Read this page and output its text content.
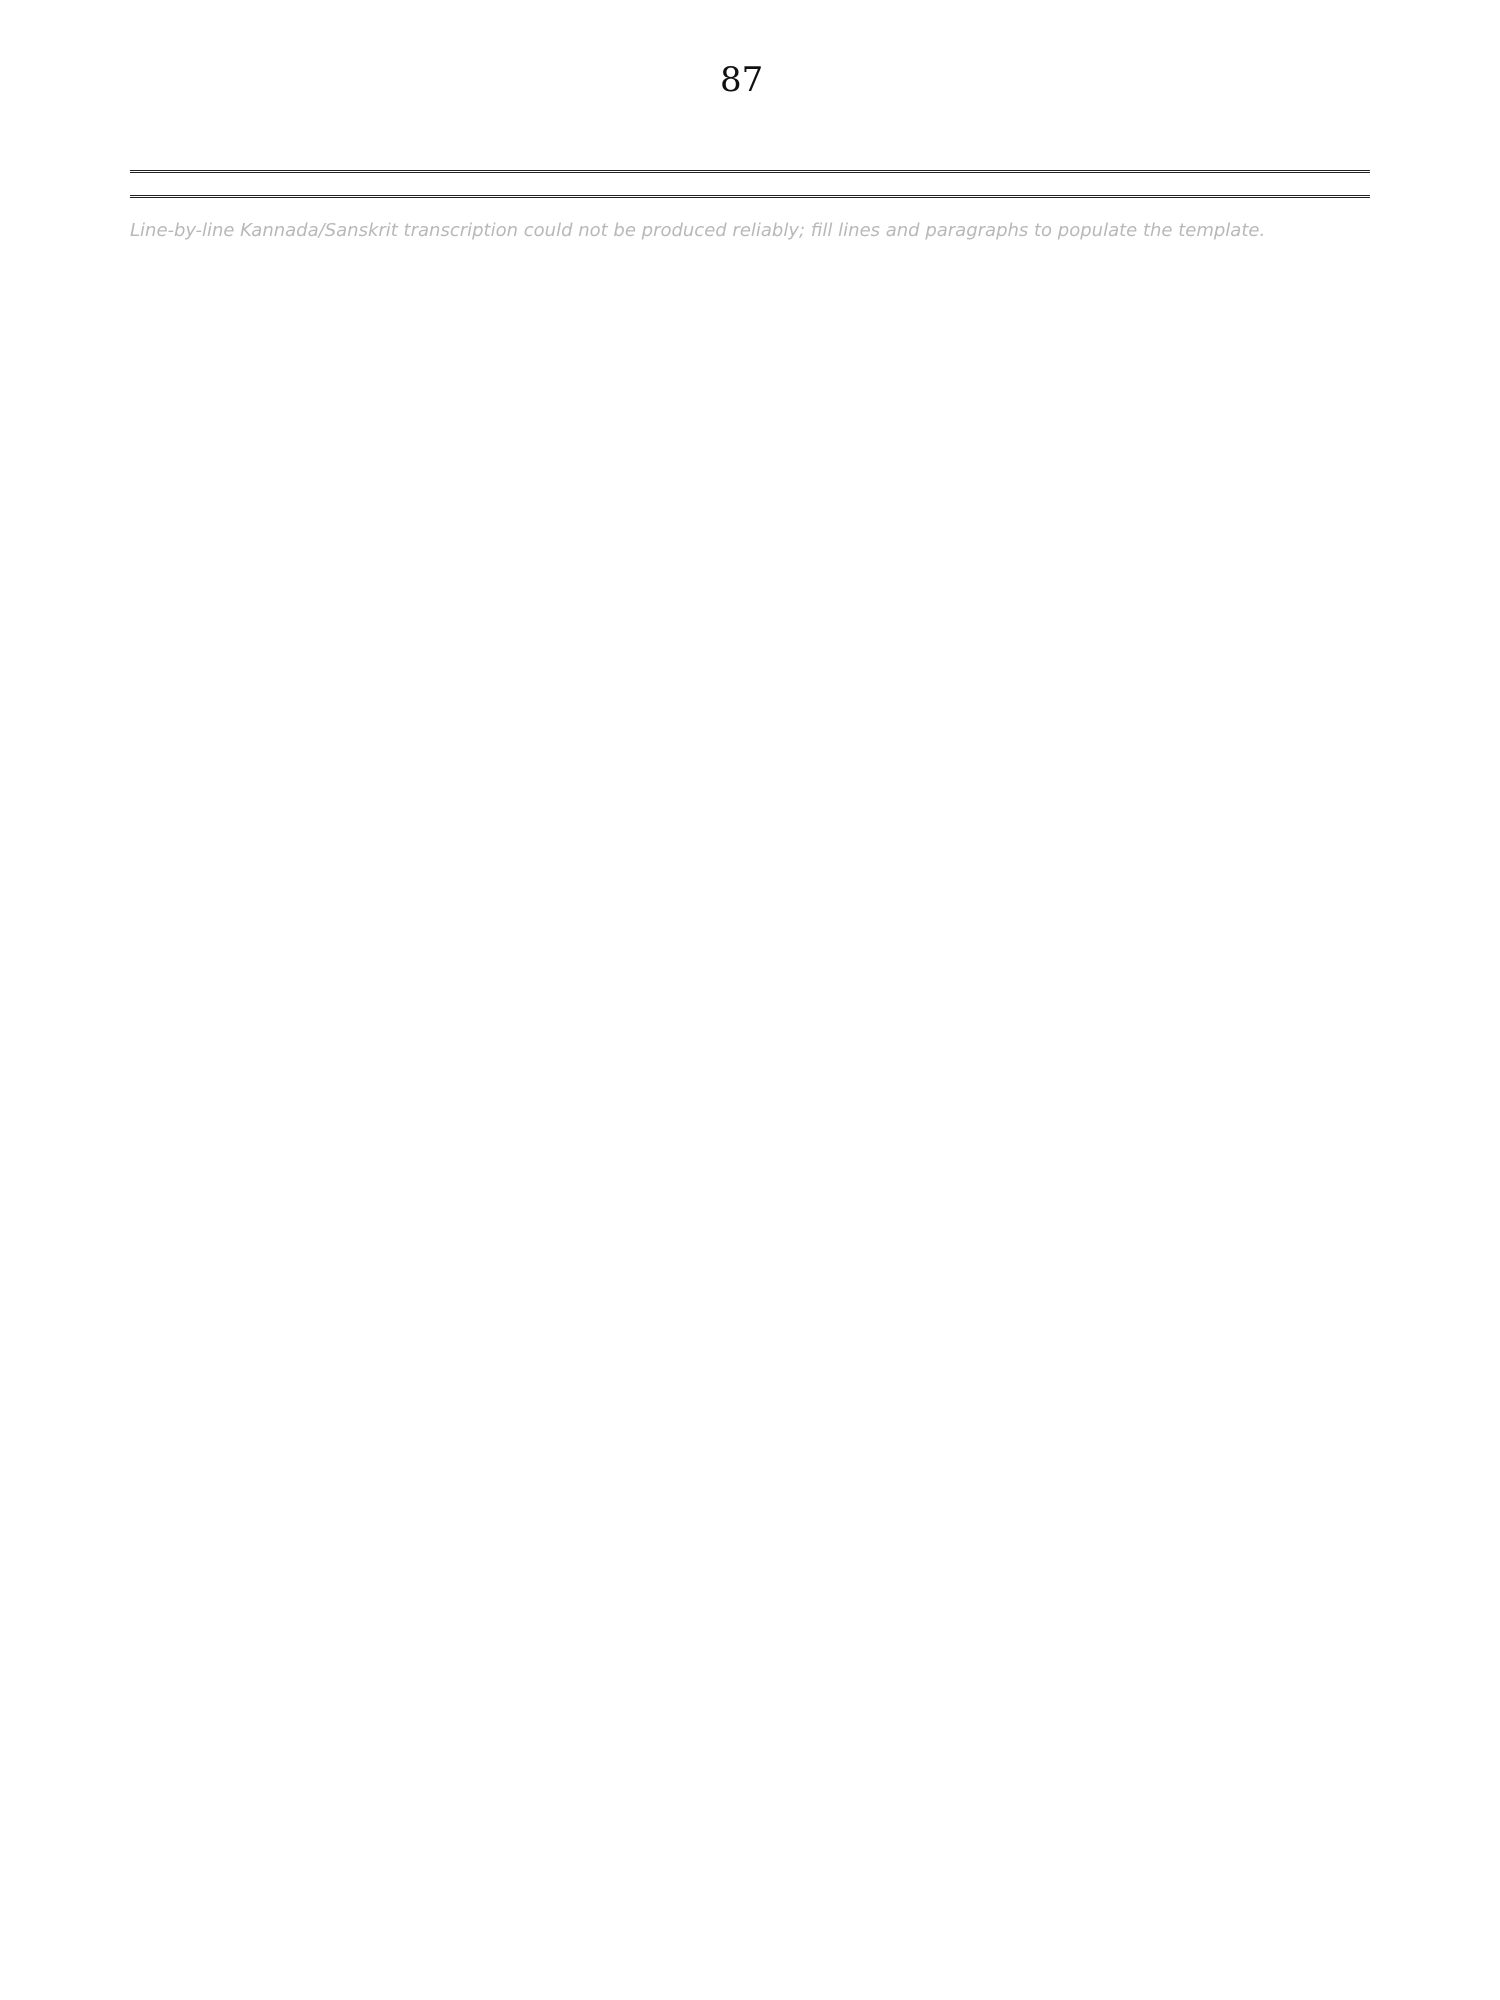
87
Line-by-line Kannada/Sanskrit transcription could not be produced reliably; fill lines and paragraphs to populate the template.
